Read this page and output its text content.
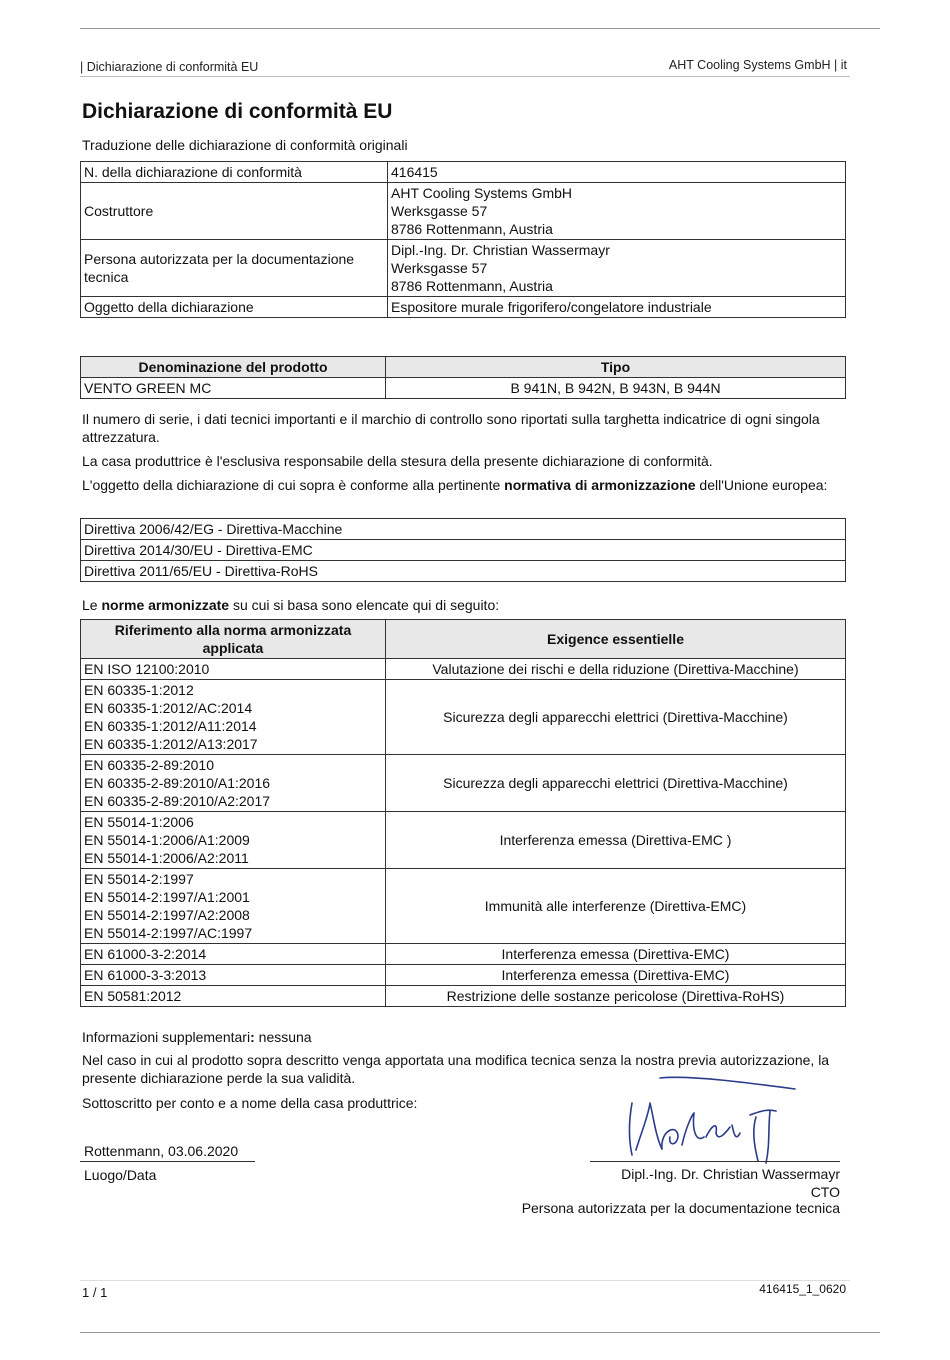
| Dichiarazione di conformità EU	AHT Cooling Systems GmbH | it
Dichiarazione di conformità EU
Traduzione delle dichiarazione di conformità originali
N. della dichiarazione di conformità	416415

Costruttore	AHT Cooling Systems GmbH
Werksgasse 57
8786 Rottenmann, Austria

Persona autorizzata per la documentazione tecnica	Dipl.-Ing. Dr. Christian Wassermayr
Werksgasse 57
8786 Rottenmann, Austria

Oggetto della dichiarazione	Espositore murale frigorifero/congelatore industriale
Denominazione del prodotto	Tipo
VENTO GREEN MC	B 941N, B 942N, B 943N, B 944N
Il numero di serie, i dati tecnici importanti e il marchio di controllo sono riportati sulla targhetta indicatrice di ogni singola attrezzatura.
La casa produttrice è l'esclusiva responsabile della stesura della presente dichiarazione di conformità.
L'oggetto della dichiarazione di cui sopra è conforme alla pertinente normativa di armonizzazione dell'Unione europea:
Direttiva 2006/42/EG - Direttiva-Macchine
Direttiva 2014/30/EU - Direttiva-EMC
Direttiva 2011/65/EU - Direttiva-RoHS
Le norme armonizzate su cui si basa sono elencate qui di seguito:
Riferimento alla norma armonizzata applicata	Exigence essentielle

EN ISO 12100:2010	Valutazione dei rischi e della riduzione (Direttiva-Macchine)

EN 60335-1:2012
EN 60335-1:2012/AC:2014
EN 60335-1:2012/A11:2014
EN 60335-1:2012/A13:2017	Sicurezza degli apparecchi elettrici (Direttiva-Macchine)

EN 60335-2-89:2010
EN 60335-2-89:2010/A1:2016
EN 60335-2-89:2010/A2:2017	Sicurezza degli apparecchi elettrici (Direttiva-Macchine)

EN 55014-1:2006
EN 55014-1:2006/A1:2009
EN 55014-1:2006/A2:2011	Interferenza emessa (Direttiva-EMC )

EN 55014-2:1997
EN 55014-2:1997/A1:2001
EN 55014-2:1997/A2:2008
EN 55014-2:1997/AC:1997	Immunità alle interferenze (Direttiva-EMC)

EN 61000-3-2:2014	Interferenza emessa (Direttiva-EMC)

EN 61000-3-3:2013	Interferenza emessa (Direttiva-EMC)

EN 50581:2012	Restrizione delle sostanze pericolose (Direttiva-RoHS)
Informazioni supplementari: nessuna
Nel caso in cui al prodotto sopra descritto venga apportata una modifica tecnica senza la nostra previa autorizzazione, la presente dichiarazione perde la sua validità.
Sottoscritto per conto e a nome della casa produttrice:
Rottenmann, 03.06.2020
Luogo/Data	Dipl.-Ing. Dr. Christian Wassermayr
CTO
Persona autorizzata per la documentazione tecnica
1 / 1	416415_1_0620
